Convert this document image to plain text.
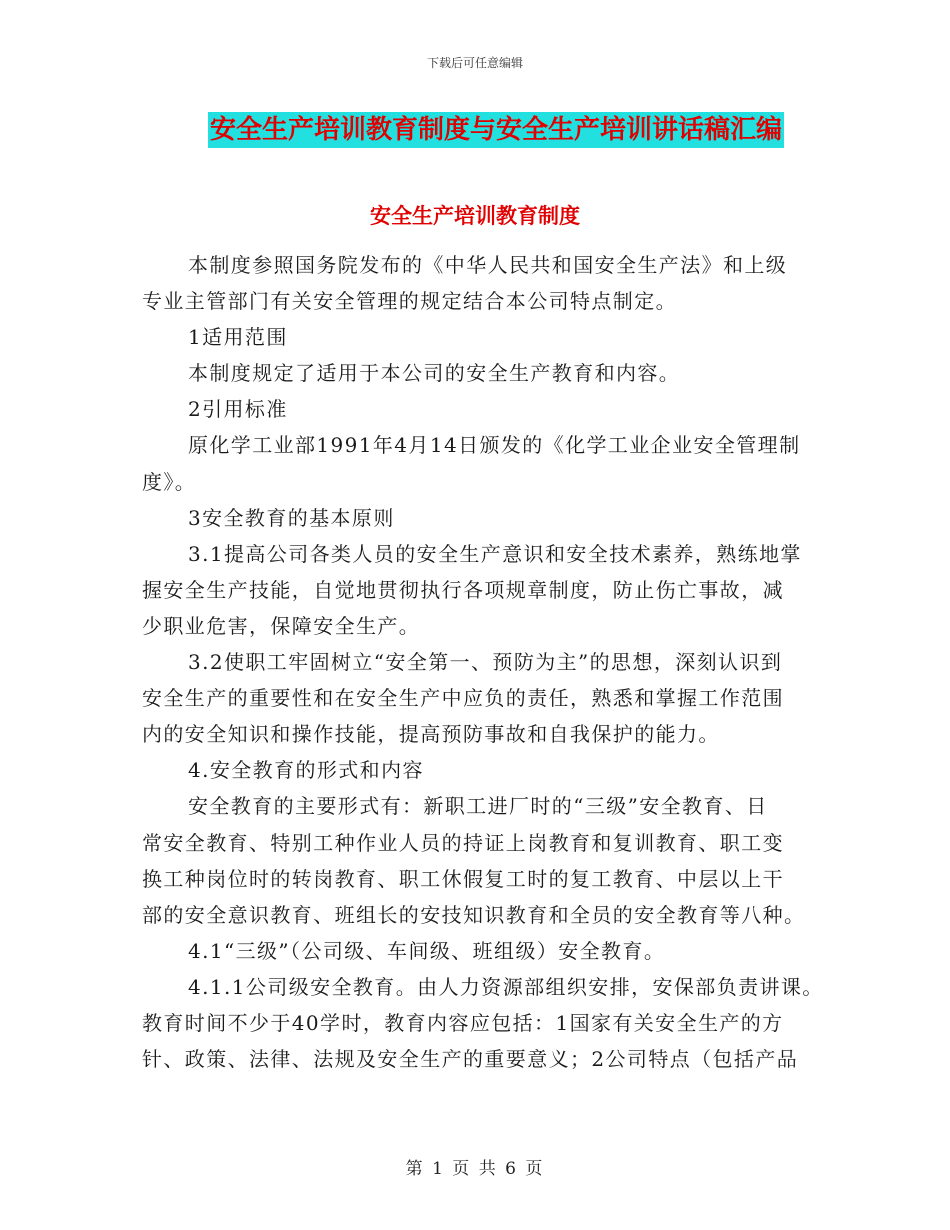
下载后可任意编辑
安全生产培训教育制度与安全生产培训讲话稿汇编
安全生产培训教育制度
本制度参照国务院发布的《中华人民共和国安全生产法》和上级
专业主管部门有关安全管理的规定结合本公司特点制定。
1适用范围
本制度规定了适用于本公司的安全生产教育和内容。
2引用标准
原化学工业部1991年4月14日颁发的《化学工业企业安全管理制
度》。
3安全教育的基本原则
3.1提高公司各类人员的安全生产意识和安全技术素养，熟练地掌
握安全生产技能，自觉地贯彻执行各项规章制度，防止伤亡事故，减
少职业危害，保障安全生产。
3.2使职工牢固树立“安全第一、预防为主”的思想，深刻认识到
安全生产的重要性和在安全生产中应负的责任，熟悉和掌握工作范围
内的安全知识和操作技能，提高预防事故和自我保护的能力。
4.安全教育的形式和内容
安全教育的主要形式有：新职工进厂时的“三级”安全教育、日
常安全教育、特别工种作业人员的持证上岗教育和复训教育、职工变
换工种岗位时的转岗教育、职工休假复工时的复工教育、中层以上干
部的安全意识教育、班组长的安技知识教育和全员的安全教育等八种。
4.1“三级”（公司级、车间级、班组级）安全教育。
4.1.1公司级安全教育。由人力资源部组织安排，安保部负责讲课。
教育时间不少于40学时，教育内容应包括：1国家有关安全生产的方
针、政策、法律、法规及安全生产的重要意义；2公司特点（包括产品
第 1 页 共 6 页
